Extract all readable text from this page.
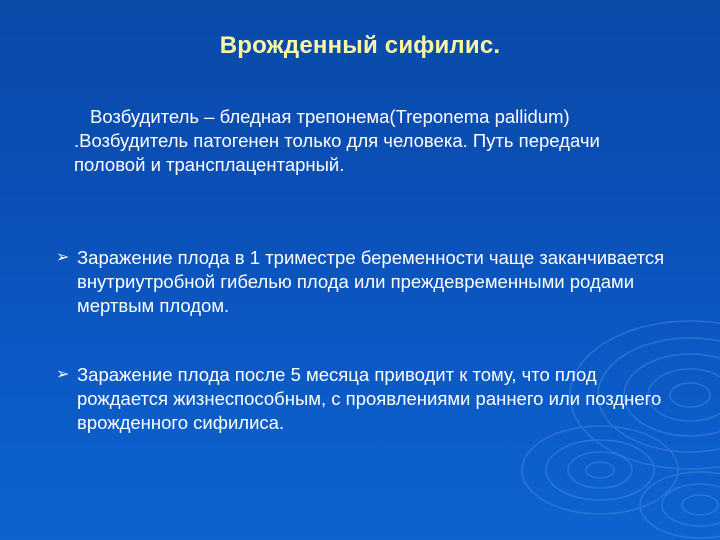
Врожденный сифилис.

Возбудитель – бледная трепонема(Treponema pallidum) .Возбудитель патогенен только для человека. Путь передачи половой и трансплацентарный.

➢ Заражение плода в 1 триместре беременности чаще заканчивается внутриутробной гибелью плода или преждевременными родами мертвым плодом.
➢ Заражение плода после 5 месяца приводит к тому, что плод рождается жизнеспособным, с проявлениями раннего или позднего врожденного сифилиса.
